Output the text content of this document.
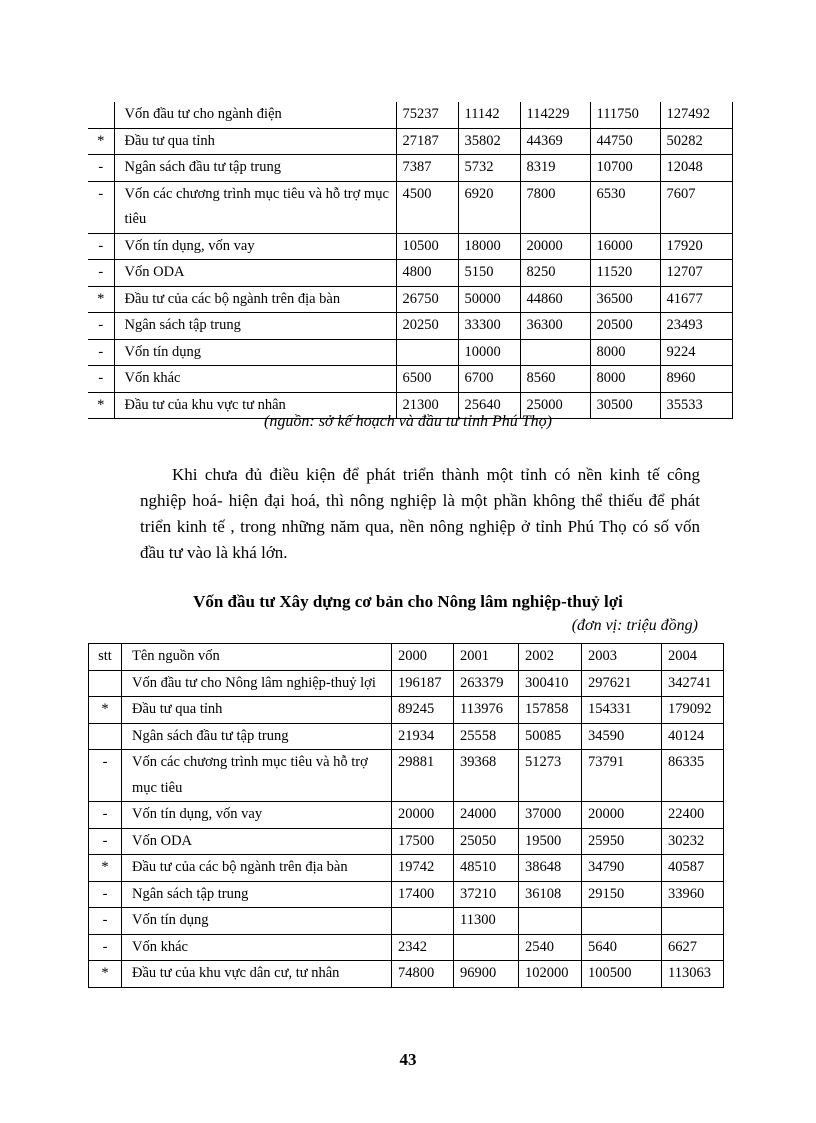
	Vốn đầu tư cho ngành điện	75237	11142	114229	111750	127492
*	Đầu tư qua tỉnh	27187	35802	44369	44750	50282
-	Ngân sách đầu tư tập trung	7387	5732	8319	10700	12048
-	Vốn các chương trình mục tiêu và hỗ trợ mục tiêu	4500	6920	7800	6530	7607
-	Vốn tín dụng, vốn vay	10500	18000	20000	16000	17920
-	Vốn ODA	4800	5150	8250	11520	12707
*	Đầu tư của các bộ ngành trên địa bàn	26750	50000	44860	36500	41677
-	Ngân sách tập trung	20250	33300	36300	20500	23493
-	Vốn tín dụng		10000		8000	9224
-	Vốn khác	6500	6700	8560	8000	8960
*	Đầu tư của khu vực tư nhân	21300	25640	25000	30500	35533
(nguồn: sở kế hoạch và đầu tư tỉnh Phú Thọ)

Khi chưa đủ điều kiện để phát triển thành một tỉnh có nền kinh tế công nghiệp hoá- hiện đại hoá, thì nông nghiệp là một phần không thể thiếu để phát triển kinh tế , trong những năm qua, nền nông nghiệp ở tỉnh Phú Thọ có số vốn đầu tư vào là khá lớn.

Vốn đầu tư Xây dựng cơ bản cho Nông lâm nghiệp-thuỷ lợi
(đơn vị: triệu đồng)
stt	Tên nguồn vốn	2000	2001	2002	2003	2004
	Vốn đầu tư cho Nông lâm nghiệp-thuỷ lợi	196187	263379	300410	297621	342741
*	Đầu tư qua tỉnh	89245	113976	157858	154331	179092
	Ngân sách đầu tư tập trung	21934	25558	50085	34590	40124
-	Vốn các chương trình mục tiêu và hỗ trợ mục tiêu	29881	39368	51273	73791	86335
-	Vốn tín dụng, vốn vay	20000	24000	37000	20000	22400
-	Vốn ODA	17500	25050	19500	25950	30232
*	Đầu tư của các bộ ngành trên địa bàn	19742	48510	38648	34790	40587
-	Ngân sách tập trung	17400	37210	36108	29150	33960
-	Vốn tín dụng		11300			
-	Vốn khác	2342		2540	5640	6627
*	Đầu tư của khu vực dân cư, tư nhân	74800	96900	102000	100500	113063
43
